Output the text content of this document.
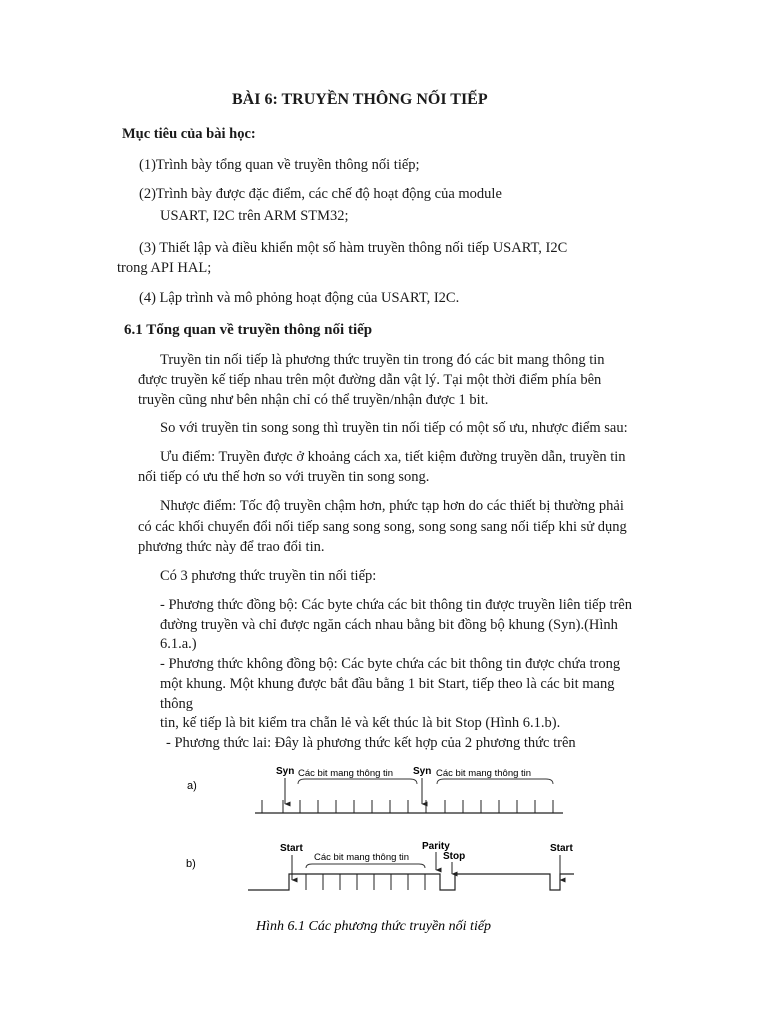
BÀI 6: TRUYỀN THÔNG NỐI TIẾP
Mục tiêu của bài học:
(1)Trình bày tổng quan về truyền thông nối tiếp;
(2)Trình bày được đặc điểm, các chế độ hoạt động của module
USART, I2C trên ARM STM32;
(3) Thiết lập và điều khiển một số hàm truyền thông nối tiếp USART, I2C
trong API HAL;
(4) Lập trình và mô phỏng hoạt động của USART, I2C.
6.1 Tổng quan về truyền thông nối tiếp
Truyền tin nối tiếp là phương thức truyền tin trong đó các bit mang thông tin
được truyền kế tiếp nhau trên một đường dẫn vật lý. Tại một thời điểm phía bên
truyền cũng như bên nhận chỉ có thể truyền/nhận được 1 bit.
So với truyền tin song song thì truyền tin nối tiếp có một số ưu, nhược điểm sau:
Ưu điểm: Truyền được ở khoảng cách xa, tiết kiệm đường truyền dẫn, truyền tin
nối tiếp có ưu thế hơn so với truyền tin song song.
Nhược điểm: Tốc độ truyền chậm hơn, phức tạp hơn do các thiết bị thường phải
có các khối chuyển đổi nối tiếp sang song song, song song sang nối tiếp khi sử dụng
phương thức này để trao đổi tin.
Có 3 phương thức truyền tin nối tiếp:
- Phương thức đồng bộ: Các byte chứa các bit thông tin được truyền liên tiếp trên
đường truyền và chỉ được ngăn cách nhau bằng bit đồng bộ khung (Syn).(Hình
6.1.a.)
- Phương thức không đồng bộ: Các byte chứa các bit thông tin được chứa trong
một khung. Một khung được bắt đầu bằng 1 bit Start, tiếp theo là các bit mang
thông
tin, kế tiếp là bit kiểm tra chẵn lẻ và kết thúc là bit Stop (Hình 6.1.b).
- Phương thức lai: Đây là phương thức kết hợp của 2 phương thức trên
a)
Syn	Syn
Các bit mang thông tin	Các bit mang thông tin
b)
Start	Start
Các bit mang thông tin
Parity
Stop
Hình 6.1 Các phương thức truyền nối tiếp
